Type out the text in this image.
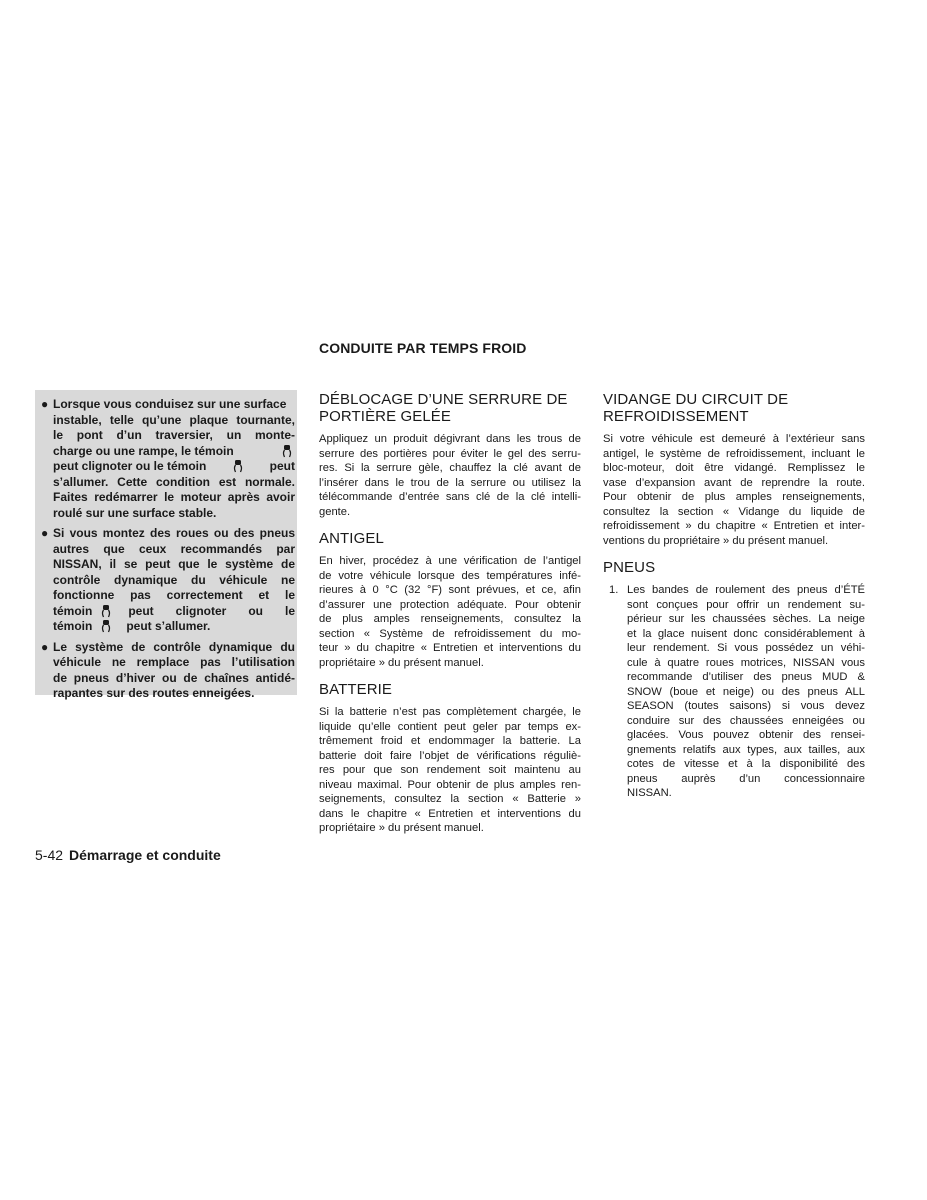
CONDUITE PAR TEMPS FROID
● Lorsque vous conduisez sur une surface
instable, telle qu’une plaque tournante,
le pont d’un traversier, un monte-
charge ou une rampe, le témoin
peut clignoter ou le témoin	peut
s’allumer. Cette condition est normale.
Faites redémarrer le moteur après avoir
roulé sur une surface stable.
● Si vous montez des roues ou des pneus
autres que ceux recommandés par
NISSAN, il se peut que le système de
contrôle dynamique du véhicule ne
fonctionne pas correctement et le
témoin	peut clignoter ou le
témoin	peut s’allumer.
● Le système de contrôle dynamique du
véhicule ne remplace pas l’utilisation
de pneus d’hiver ou de chaînes antidé-
rapantes sur des routes enneigées.
DÉBLOCAGE D’UNE SERRURE DE
PORTIÈRE GELÉE
Appliquez un produit dégivrant dans les trous de
serrure des portières pour éviter le gel des serru-
res. Si la serrure gèle, chauffez la clé avant de
l’insérer dans le trou de la serrure ou utilisez la
télécommande d’entrée sans clé de la clé intelli-
gente.
ANTIGEL
En hiver, procédez à une vérification de l’antigel
de votre véhicule lorsque des températures infé-
rieures à 0 °C (32 °F) sont prévues, et ce, afin
d’assurer une protection adéquate. Pour obtenir
de plus amples renseignements, consultez la
section « Système de refroidissement du mo-
teur » du chapitre « Entretien et interventions du
propriétaire » du présent manuel.
BATTERIE
Si la batterie n’est pas complètement chargée, le
liquide qu’elle contient peut geler par temps ex-
trêmement froid et endommager la batterie. La
batterie doit faire l’objet de vérifications réguliè-
res pour que son rendement soit maintenu au
niveau maximal. Pour obtenir de plus amples ren-
seignements, consultez la section « Batterie »
dans le chapitre « Entretien et interventions du
propriétaire » du présent manuel.
VIDANGE DU CIRCUIT DE
REFROIDISSEMENT
Si votre véhicule est demeuré à l’extérieur sans
antigel, le système de refroidissement, incluant le
bloc-moteur, doit être vidangé. Remplissez le
vase d’expansion avant de reprendre la route.
Pour obtenir de plus amples renseignements,
consultez la section « Vidange du liquide de
refroidissement » du chapitre « Entretien et inter-
ventions du propriétaire » du présent manuel.
PNEUS
1. Les bandes de roulement des pneus d’ÉTÉ
sont conçues pour offrir un rendement su-
périeur sur les chaussées sèches. La neige
et la glace nuisent donc considérablement à
leur rendement. Si vous possédez un véhi-
cule à quatre roues motrices, NISSAN vous
recommande d’utiliser des pneus MUD &
SNOW (boue et neige) ou des pneus ALL
SEASON (toutes saisons) si vous devez
conduire sur des chaussées enneigées ou
glacées. Vous pouvez obtenir des rensei-
gnements relatifs aux types, aux tailles, aux
cotes de vitesse et à la disponibilité des
pneus auprès d’un concessionnaire
NISSAN.
5-42 Démarrage et conduite
